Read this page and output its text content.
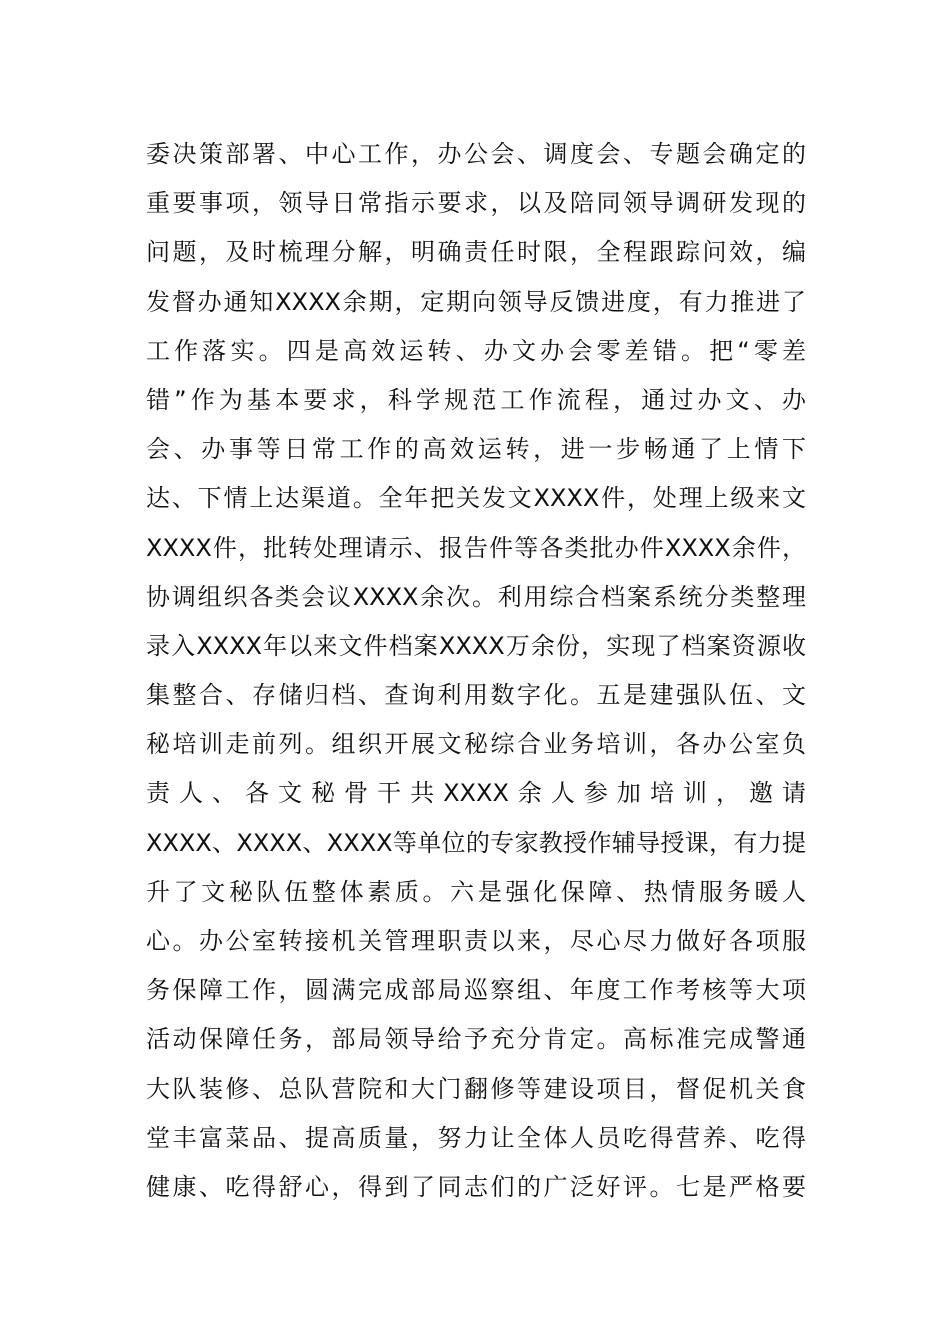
委决策部署、中心工作，办公会、调度会、专题会确定的
重要事项，领导日常指示要求，以及陪同领导调研发现的
问题，及时梳理分解，明确责任时限，全程跟踪问效，编
发督办通知XXXX余期，定期向领导反馈进度，有力推进了
工作落实。四是高效运转、办文办会零差错。把“零差
错”作为基本要求，科学规范工作流程，通过办文、办
会、办事等日常工作的高效运转，进一步畅通了上情下
达、下情上达渠道。全年把关发文XXXX件，处理上级来文
XXXX件，批转处理请示、报告件等各类批办件XXXX余件，
协调组织各类会议XXXX余次。利用综合档案系统分类整理
录入XXXX年以来文件档案XXXX万余份，实现了档案资源收
集整合、存储归档、查询利用数字化。五是建强队伍、文
秘培训走前列。组织开展文秘综合业务培训，各办公室负
责人、各文秘骨干共XXXX余人参加培训，邀请
XXXX、XXXX、XXXX等单位的专家教授作辅导授课，有力提
升了文秘队伍整体素质。六是强化保障、热情服务暖人
心。办公室转接机关管理职责以来，尽心尽力做好各项服
务保障工作，圆满完成部局巡察组、年度工作考核等大项
活动保障任务，部局领导给予充分肯定。高标准完成警通
大队装修、总队营院和大门翻修等建设项目，督促机关食
堂丰富菜品、提高质量，努力让全体人员吃得营养、吃得
健康、吃得舒心，得到了同志们的广泛好评。七是严格要
